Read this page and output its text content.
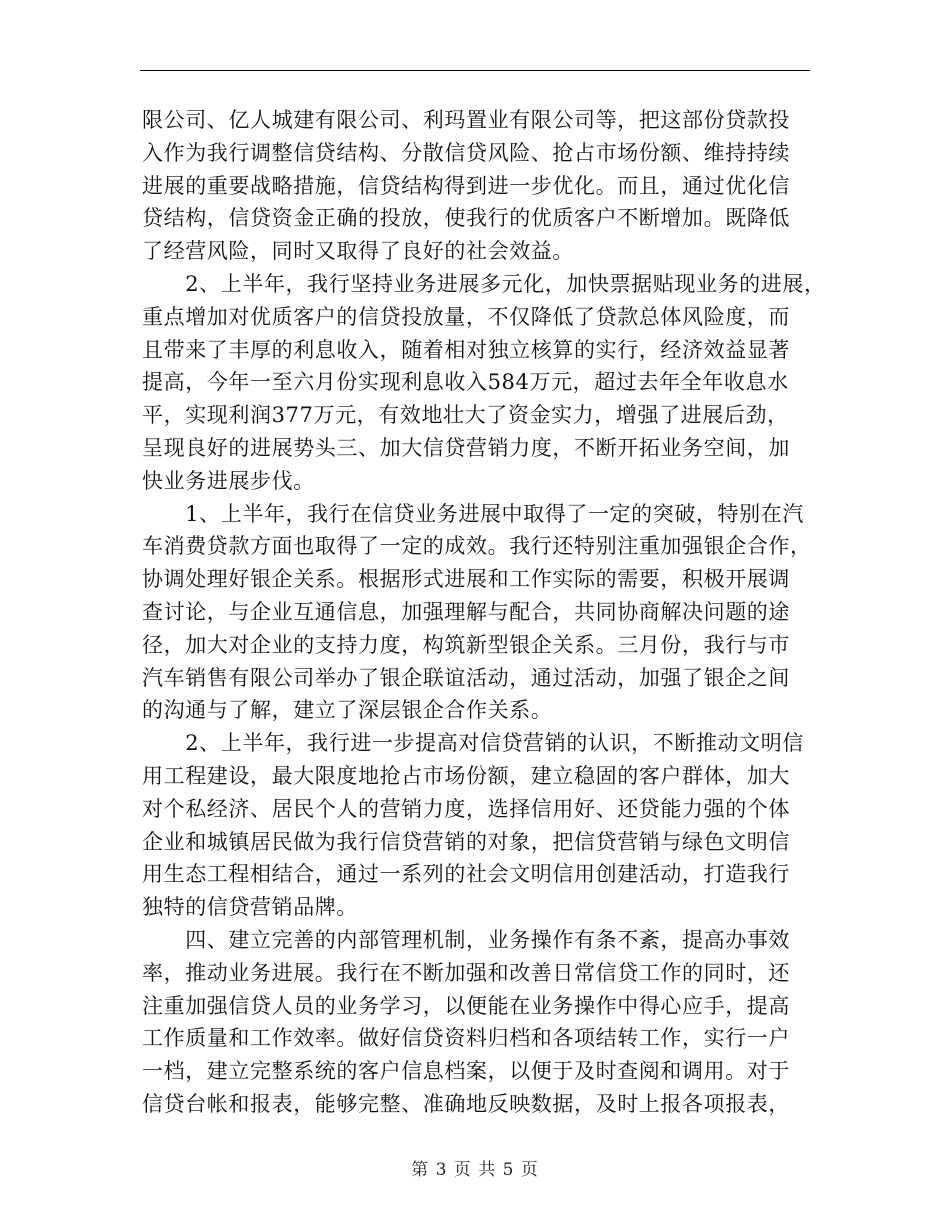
限公司、亿人城建有限公司、利玛置业有限公司等，把这部份贷款投
入作为我行调整信贷结构、分散信贷风险、抢占市场份额、维持持续
进展的重要战略措施，信贷结构得到进一步优化。而且，通过优化信
贷结构，信贷资金正确的投放，使我行的优质客户不断增加。既降低
了经营风险，同时又取得了良好的社会效益。
　　2、上半年，我行坚持业务进展多元化，加快票据贴现业务的进展，
重点增加对优质客户的信贷投放量，不仅降低了贷款总体风险度，而
且带来了丰厚的利息收入，随着相对独立核算的实行，经济效益显著
提高，今年一至六月份实现利息收入584万元，超过去年全年收息水
平，实现利润377万元，有效地壮大了资金实力，增强了进展后劲，
呈现良好的进展势头三、加大信贷营销力度，不断开拓业务空间，加
快业务进展步伐。
　　1、上半年，我行在信贷业务进展中取得了一定的突破，特别在汽
车消费贷款方面也取得了一定的成效。我行还特别注重加强银企合作，
协调处理好银企关系。根据形式进展和工作实际的需要，积极开展调
查讨论，与企业互通信息，加强理解与配合，共同协商解决问题的途
径，加大对企业的支持力度，构筑新型银企关系。三月份，我行与市
汽车销售有限公司举办了银企联谊活动，通过活动，加强了银企之间
的沟通与了解，建立了深层银企合作关系。
　　2、上半年，我行进一步提高对信贷营销的认识，不断推动文明信
用工程建设，最大限度地抢占市场份额，建立稳固的客户群体，加大
对个私经济、居民个人的营销力度，选择信用好、还贷能力强的个体
企业和城镇居民做为我行信贷营销的对象，把信贷营销与绿色文明信
用生态工程相结合，通过一系列的社会文明信用创建活动，打造我行
独特的信贷营销品牌。
　　四、建立完善的内部管理机制，业务操作有条不紊，提高办事效
率，推动业务进展。我行在不断加强和改善日常信贷工作的同时，还
注重加强信贷人员的业务学习，以便能在业务操作中得心应手，提高
工作质量和工作效率。做好信贷资料归档和各项结转工作，实行一户
一档，建立完整系统的客户信息档案，以便于及时查阅和调用。对于
信贷台帐和报表，能够完整、准确地反映数据，及时上报各项报表，
第 3 页 共 5 页
